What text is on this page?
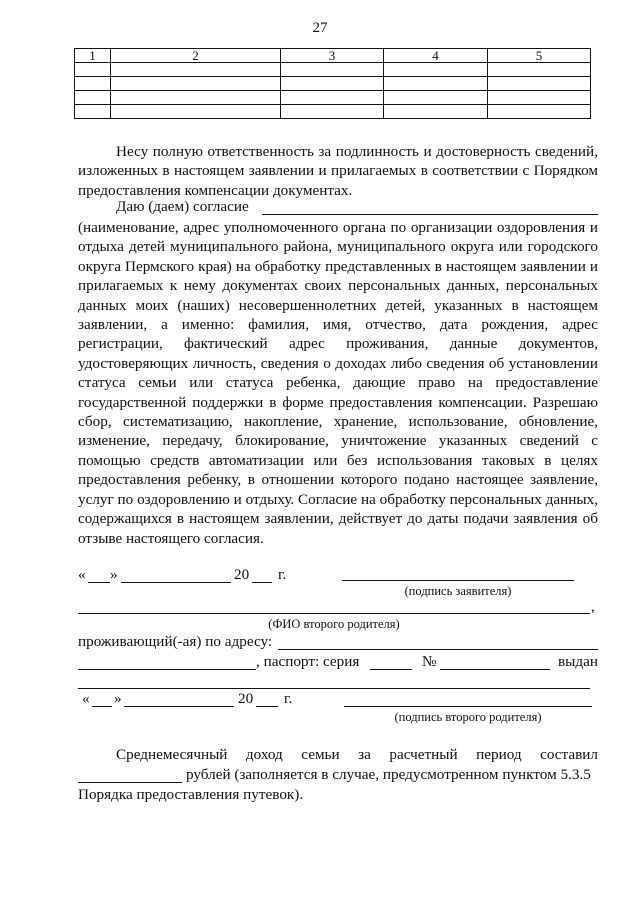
27
1	2	3	4	5

Несу полную ответственность за подлинность и достоверность сведений, изложенных в настоящем заявлении и прилагаемых в соответствии с Порядком предоставления компенсации документах.
Даю (даем) согласие
(наименование, адрес уполномоченного органа по организации оздоровления и отдыха детей муниципального района, муниципального округа или городского округа Пермского края) на обработку представленных в настоящем заявлении и прилагаемых к нему документах своих персональных данных, персональных данных моих (наших) несовершеннолетних детей, указанных в настоящем заявлении, а именно: фамилия, имя, отчество, дата рождения, адрес регистрации, фактический адрес проживания, данные документов, удостоверяющих личность, сведения о доходах либо сведения об установлении статуса семьи или статуса ребенка, дающие право на предоставление государственной поддержки в форме предоставления компенсации. Разрешаю сбор, систематизацию, накопление, хранение, использование, обновление, изменение, передачу, блокирование, уничтожение указанных сведений с помощью средств автоматизации или без использования таковых в целях предоставления ребенку, в отношении которого подано настоящее заявление, услуг по оздоровлению и отдыху. Согласие на обработку персональных данных, содержащихся в настоящем заявлении, действует до даты подачи заявления об отзыве настоящего согласия.
« »	20 г.
(подпись заявителя)
,
(ФИО второго родителя)
проживающий(-ая) по адресу:
, паспорт: серия	№	выдан
« »	20 г.
(подпись второго родителя)
Среднемесячный доход семьи за расчетный период составил
рублей (заполняется в случае, предусмотренном пунктом 5.3.5
Порядка предоставления путевок).
